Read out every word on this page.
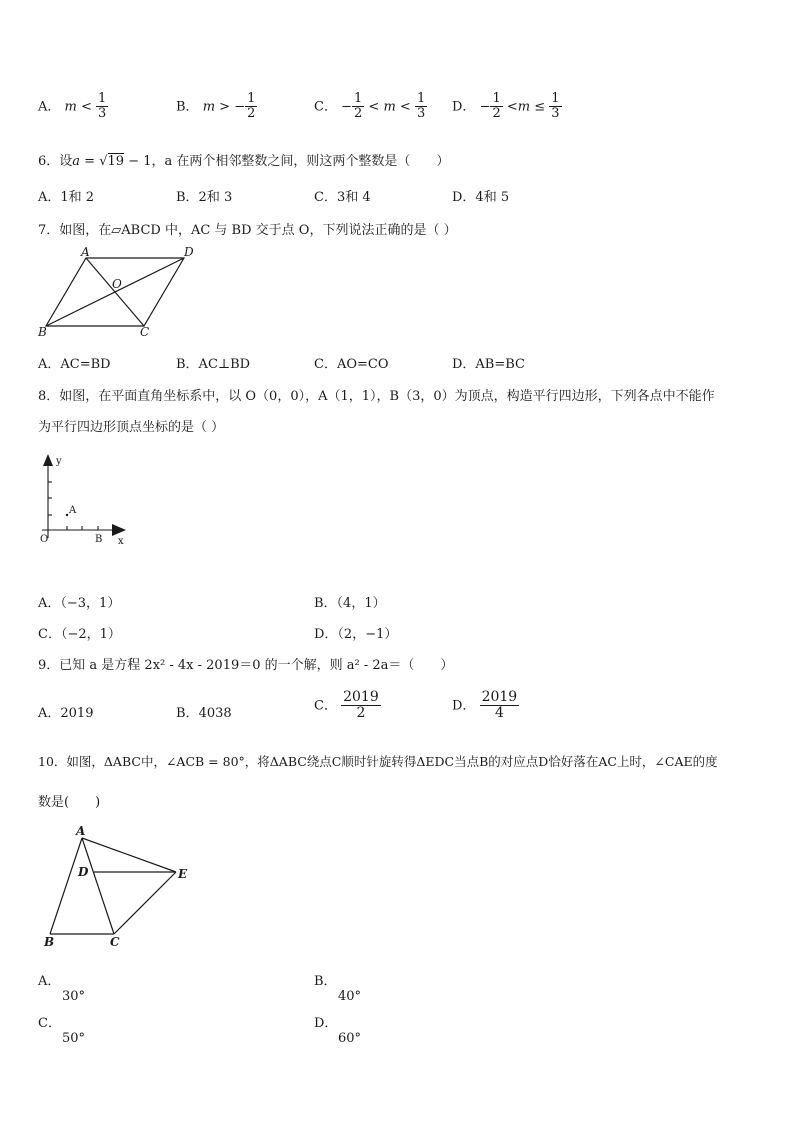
A． $m < \frac{1}{3}$	B． m > − $\frac{1}{2}$	C． − $\frac{1}{2} < m < \frac{1}{3}$ D． − $\frac{1}{2} <m \le \frac{1}{3}$
6．设a = √19 − 1，a 在两个相邻整数之间，则这两个整数是（　　）
A．1和 2	B．2和 3	C．3和 4	D．4和 5
7．如图，在▱ABCD 中，AC 与 BD 交于点 O，下列说法正确的是（ ）
A	D
O
B	C
A．AC=BD	B．AC⊥BD	C．AO=CO	D．AB=BC
8．如图，在平面直角坐标系中，以 O（0，0），A（1，1），B（3，0）为顶点，构造平行四边形，下列各点中不能作
为平行四边形顶点坐标的是（ ）
y
x
O
A
B
A．（−3，1）	B．（4，1）
C．（−2，1）	D．（2，−1）
9．已知 a 是方程 2x² - 4x - 2019＝0 的一个解，则 a² - 2a＝（　　）
A．2019	B．4038
C． $\frac{2019}{2}$	D． $\frac{2019}{4}$
10．如图，ΔABC中，∠ACB = 80°，将ΔABC绕点C顺时针旋转得ΔEDC当点B的对应点D恰好落在AC上时，∠CAE的度
数是(　　)
A
D	E
B	C
A．
30°
B．
40°
C．
50°
D．
60°
